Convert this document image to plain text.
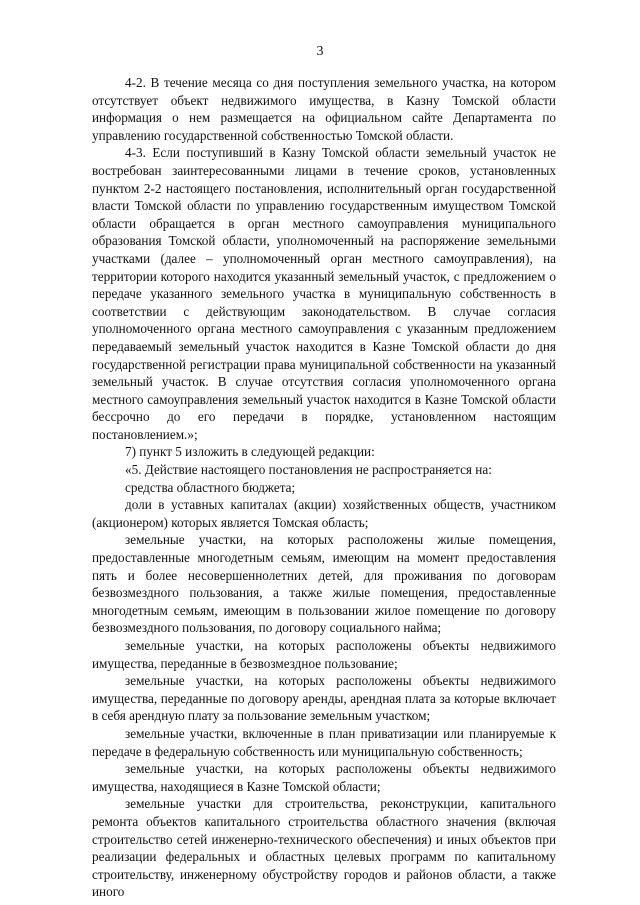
3

4-2. В течение месяца со дня поступления земельного участка, на котором отсутствует объект недвижимого имущества, в Казну Томской области информация о нем размещается на официальном сайте Департамента по управлению государственной собственностью Томской области.

4-3. Если поступивший в Казну Томской области земельный участок не востребован заинтересованными лицами в течение сроков, установленных пунктом 2-2 настоящего постановления, исполнительный орган государственной власти Томской области по управлению государственным имуществом Томской области обращается в орган местного самоуправления муниципального образования Томской области, уполномоченный на распоряжение земельными участками (далее – уполномоченный орган местного самоуправления), на территории которого находится указанный земельный участок, с предложением о передаче указанного земельного участка в муниципальную собственность в соответствии с действующим законодательством. В случае согласия уполномоченного органа местного самоуправления с указанным предложением передаваемый земельный участок находится в Казне Томской области до дня государственной регистрации права муниципальной собственности на указанный земельный участок. В случае отсутствия согласия уполномоченного органа местного самоуправления земельный участок находится в Казне Томской области бессрочно до его передачи в порядке, установленном настоящим постановлением.»;

7) пункт 5 изложить в следующей редакции:

«5. Действие настоящего постановления не распространяется на:

средства областного бюджета;

доли в уставных капиталах (акции) хозяйственных обществ, участником (акционером) которых является Томская область;

земельные участки, на которых расположены жилые помещения, предоставленные многодетным семьям, имеющим на момент предоставления пять и более несовершеннолетних детей, для проживания по договорам безвозмездного пользования, а также жилые помещения, предоставленные многодетным семьям, имеющим в пользовании жилое помещение по договору безвозмездного пользования, по договору социального найма;

земельные участки, на которых расположены объекты недвижимого имущества, переданные в безвозмездное пользование;

земельные участки, на которых расположены объекты недвижимого имущества, переданные по договору аренды, арендная плата за которые включает в себя арендную плату за пользование земельным участком;

земельные участки, включенные в план приватизации или планируемые к передаче в федеральную собственность или муниципальную собственность;

земельные участки, на которых расположены объекты недвижимого имущества, находящиеся в Казне Томской области;

земельные участки для строительства, реконструкции, капитального ремонта объектов капитального строительства областного значения (включая строительство сетей инженерно-технического обеспечения) и иных объектов при реализации федеральных и областных целевых программ по капитальному строительству, инженерному обустройству городов и районов области, а также иного
